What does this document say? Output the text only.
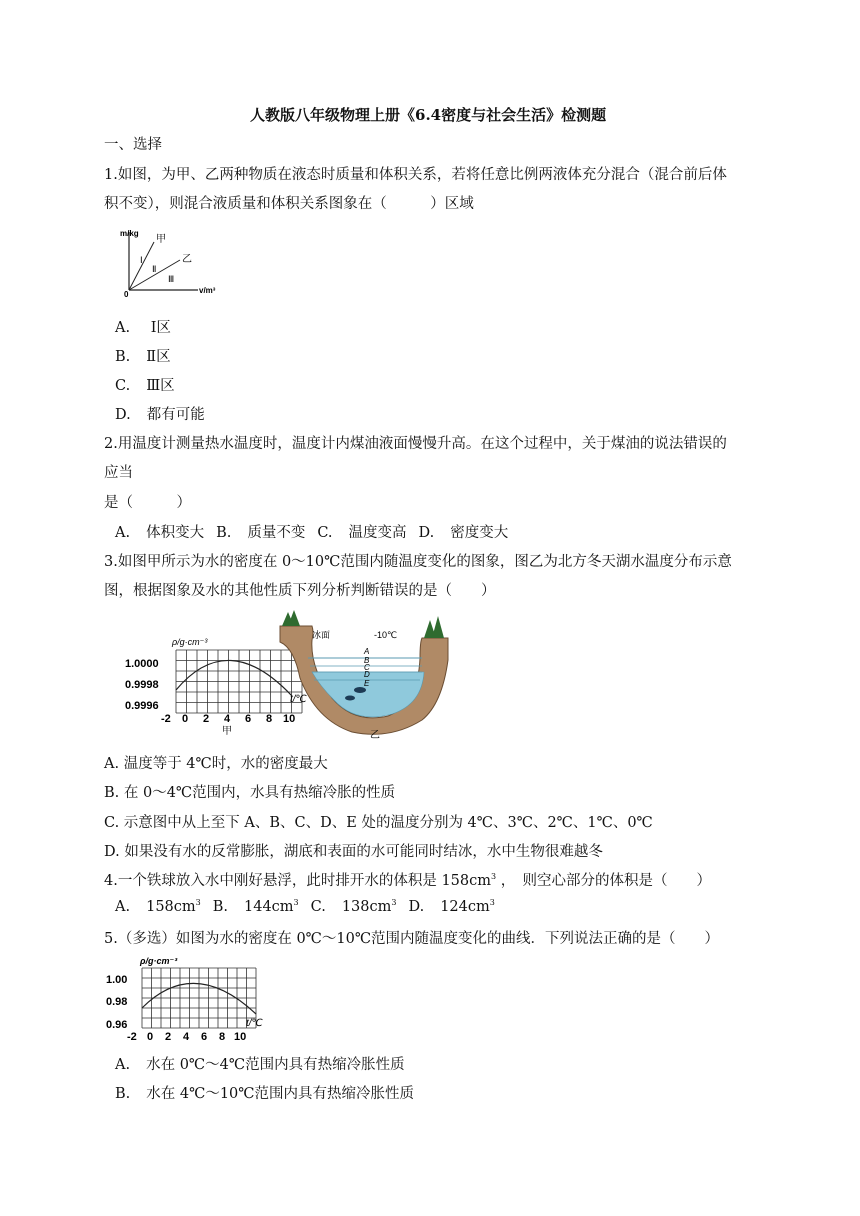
人教版八年级物理上册《6.4密度与社会生活》检测题
一、选择
1.如图，为甲、乙两种物质在液态时质量和体积关系，若将任意比例两液体充分混合（混合前后体
积不变），则混合液质量和体积关系图象在（　　　）区域
m/kg
v/m³
0
甲
乙
Ⅰ
Ⅱ
Ⅲ
A. Ⅰ区
B. Ⅱ区
C. Ⅲ区
D. 都有可能
2.用温度计测量热水温度时，温度计内煤油液面慢慢升高。在这个过程中，关于煤油的说法错误的
应当
是（　　　）
A. 体积变大 B. 质量不变 C. 温度变高 D. 密度变大
3.如图甲所示为水的密度在 0～10℃范围内随温度变化的图象，图乙为北方冬天湖水温度分布示意
图，根据图象及水的其他性质下列分析判断错误的是（　　）
ρ/g·cm⁻³
1.0000
0.9998
0.9996
-2 0 2 4 6 8 10
t/℃
甲
冰面	-10℃
A
B
C
D
E
乙
A. 温度等于 4℃时，水的密度最大
B. 在 0～4℃范围内，水具有热缩冷胀的性质
C. 示意图中从上至下 A、B、C、D、E 处的温度分别为 4℃、3℃、2℃、1℃、0℃
D. 如果没有水的反常膨胀，湖底和表面的水可能同时结冰，水中生物很难越冬
4.一个铁球放入水中刚好悬浮，此时排开水的体积是 $158cm^3$ ，　则空心部分的体积是（　　）
A. $158cm^3$ B. $144cm^3$ C. $138cm^3$ D. $124cm^3$
5.（多选）如图为水的密度在 0℃～10℃范围内随温度变化的曲线．下列说法正确的是（　　）
ρ/g·cm⁻³
1.00
0.98
0.96
-2 0 2 4 6 8 10
t/℃
A. 水在 0℃～4℃范围内具有热缩冷胀性质
B. 水在 4℃～10℃范围内具有热缩冷胀性质
